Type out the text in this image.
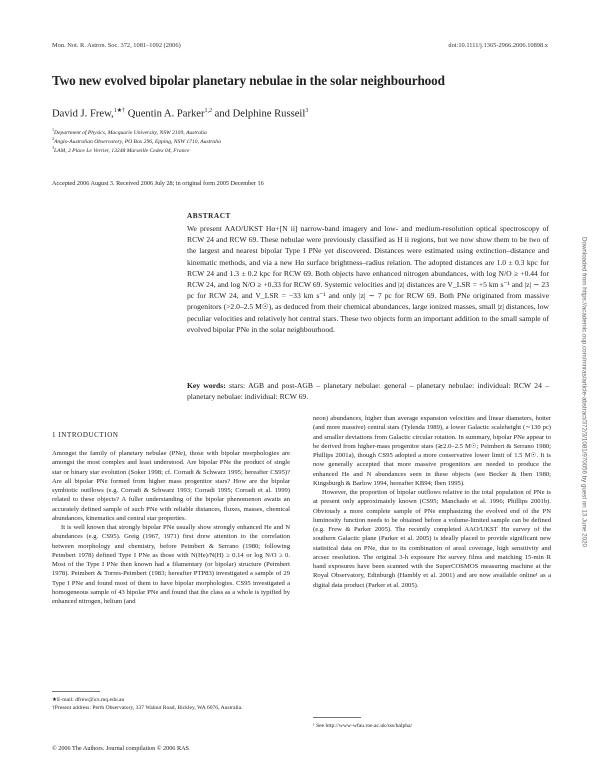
Mon. Not. R. Astron. Soc. 372, 1081–1092 (2006)	doi:10.1111/j.1365-2966.2006.10898.x
Two new evolved bipolar planetary nebulae in the solar neighbourhood
David J. Frew,$^{1★\dagger}$ Quentin A. Parker$^{1,2}$ and Delphine Russeil$^3$
$^1$Department of Physics, Macquarie University, NSW 2109, Australia
$^2$Anglo-Australian Observatory, PO Box 296, Epping, NSW 1710, Australia
$^3$LAM, 2 Place Le Verrier, 13248 Marseille Cedex 04, France
Accepted 2006 August 3. Received 2006 July 28; in original form 2005 December 16
ABSTRACT
We present AAO/UKST Hα+[N ii] narrow-band imagery and low- and medium-resolution optical spectroscopy of RCW 24 and RCW 69. These nebulae were previously classified as H ii regions, but we now show them to be two of the largest and nearest bipolar Type I PNe yet discovered. Distances were estimated using extinction–distance and kinematic methods, and via a new Hα surface brightness–radius relation. The adopted distances are 1.0 ± 0.3 kpc for RCW 24 and 1.3 ± 0.2 kpc for RCW 69. Both objects have enhanced nitrogen abundances, with log N/O ≥ +0.44 for RCW 24, and log N/O ≥ +0.33 for RCW 69. Systemic velocities and |z| distances are V_LSR = +5 km s⁻¹ and |z| ∼ 23 pc for RCW 24, and V_LSR = −33 km s⁻¹ and only |z| ∼ 7 pc for RCW 69. Both PNe originated from massive progenitors (>2.0–2.5 M☉), as deduced from their chemical abundances, large ionized masses, small |z| distances, low peculiar velocities and relatively hot central stars. These two objects form an important addition to the small sample of evolved bipolar PNe in the solar neighbourhood.
Key words: stars: AGB and post-AGB – planetary nebulae: general – planetary nebulae: individual: RCW 24 – planetary nebulae: individual: RCW 69.
1 INTRODUCTION

Amongst the family of planetary nebulae (PNe), those with bipolar morphologies are amongst the most complex and least understood. Are bipolar PNe the product of single star or binary star evolution (Soker 1998; cf. Corradi & Schwarz 1995; hereafter CS95)? Are all bipolar PNe formed from higher mass progenitor stars? How are the bipolar symbiotic outflows (e.g. Corradi & Schwarz 1993; Corradi 1995; Corradi et al. 1999) related to these objects? A fuller understanding of the bipolar phenomenon awaits an accurately defined sample of such PNe with reliable distances, fluxes, masses, chemical abundances, kinematics and central star properties.

It is well known that strongly bipolar PNe usually show strongly enhanced He and N abundances (e.g. CS95). Greig (1967, 1971) first drew attention to the correlation between morphology and chemistry, before Peimbert & Serrano (1980; following Peimbert 1978) defined Type I PNe as those with N(He)/N(H) ≥ 0.14 or log N/O ≥ 0. Most of the Type I PNe then known had a filamentary (or bipolar) structure (Peimbert 1978). Peimbert & Torres-Peimbert (1983; hereafter PTP83) investigated a sample of 29 Type I PNe and found most of them to have bipolar morphologies. CS95 investigated a homogeneous sample of 43 bipolar PNe and found that the class as a whole is typified by enhanced nitrogen, helium (and

neon) abundances, higher than average expansion velocities and linear diameters, hotter (and more massive) central stars (Tylenda 1989), a lower Galactic scaleheight (∼130 pc) and smaller deviations from Galactic circular rotation. In summary, bipolar PNe appear to be derived from higher-mass progenitor stars (≳2.0–2.5 M☉; Peimbert & Serrano 1980; Phillips 2001a), though CS95 adopted a more conservative lower limit of 1.5 M☉. It is now generally accepted that more massive progenitors are needed to produce the enhanced He and N abundances seen in these objects (see Becker & Iben 1980; Kingsburgh & Barlow 1994, hereafter KB94; Iben 1995).

However, the proportion of bipolar outflows relative to the total population of PNe is at present only approximately known (CS95; Manchado et al. 1996; Phillips 2001b). Obviously a more complete sample of PNe emphasizing the evolved end of the PN luminosity function needs to be obtained before a volume-limited sample can be defined (e.g. Frew & Parker 2005). The recently completed AAO/UKST Hα survey of the southern Galactic plane (Parker et al. 2005) is ideally placed to provide significant new statistical data on PNe, due to its combination of areal coverage, high sensitivity and arcsec resolution. The original 3-h exposure Hα survey films and matching 15-min R band exposures have been scanned with the SuperCOSMOS measuring machine at the Royal Observatory, Edinburgh (Hambly et al. 2001) and are now available online¹ as a digital data product (Parker et al. 2005).

★E-mail: dfrew@ics.mq.edu.au
†Present address: Perth Observatory, 337 Walnut Road, Bickley, WA 6076, Australia.
¹ See http://www-wfau.roe.ac.uk/sss/halpha/
© 2006 The Authors. Journal compilation © 2006 RAS
Downloaded from https://academic.oup.com/mnras/article-abstract/372/3/1081/970056 by guest on 13 June 2020
